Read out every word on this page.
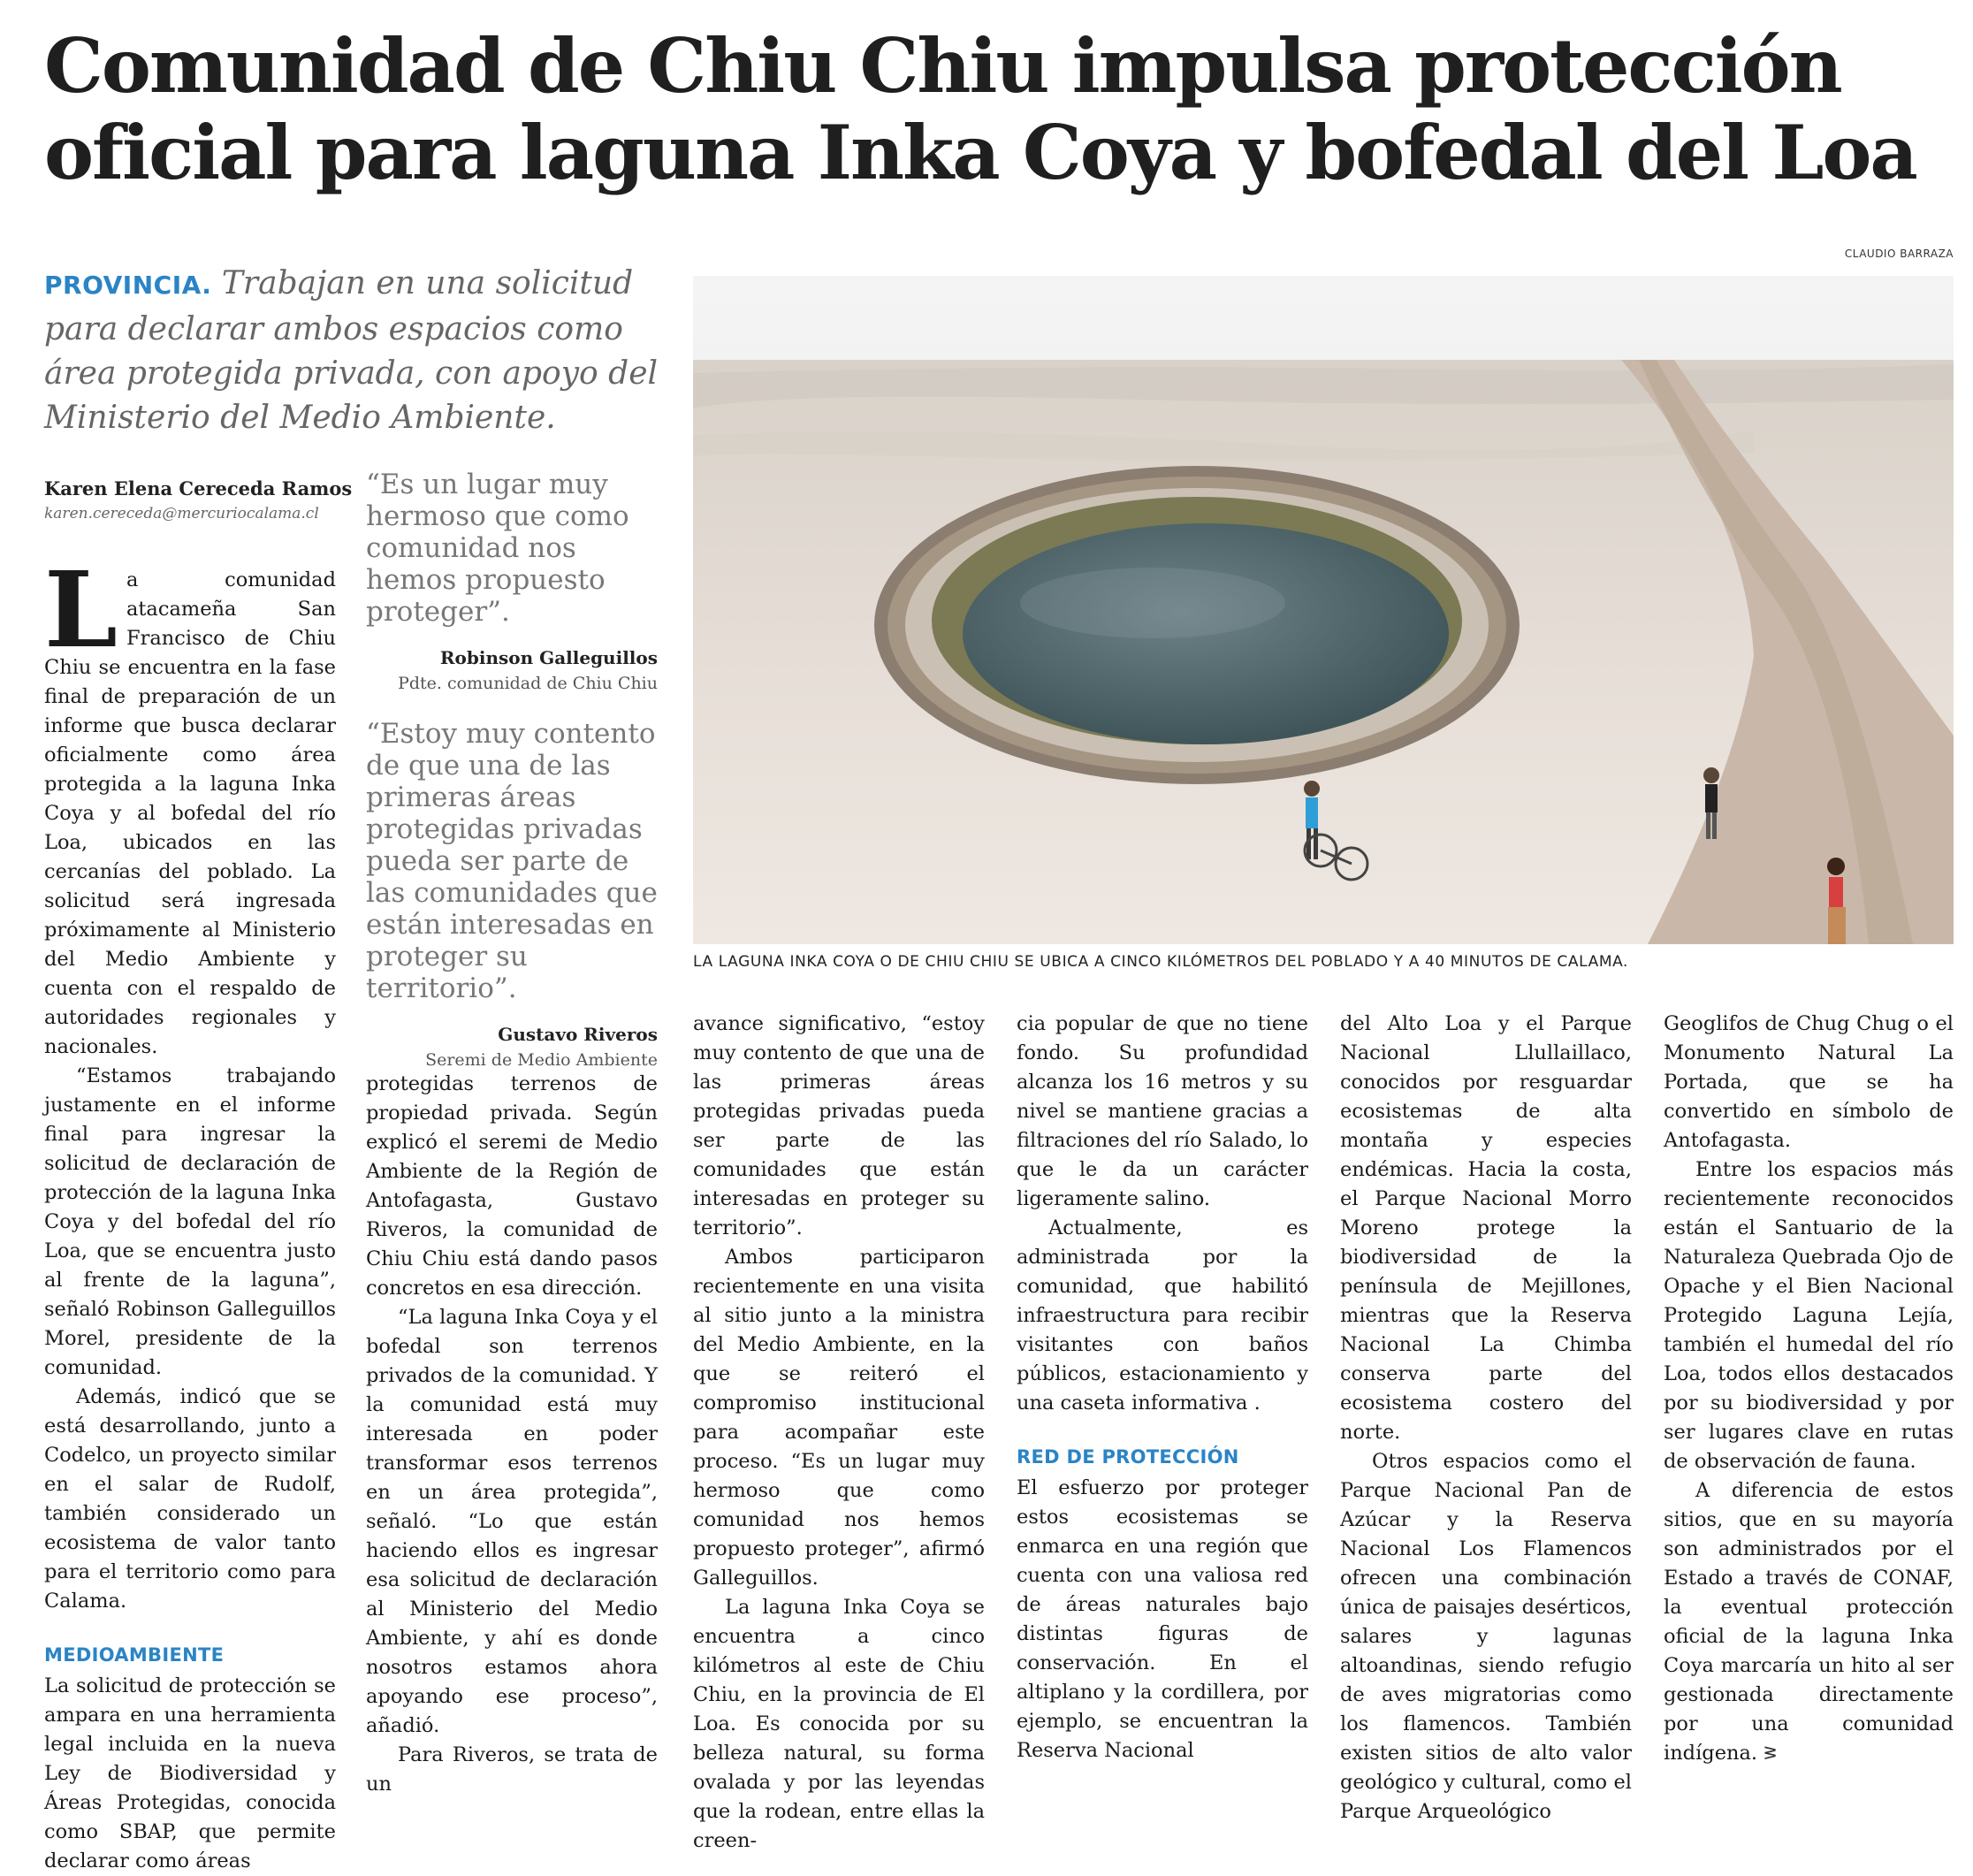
Comunidad de Chiu Chiu impulsa protección oficial para laguna Inka Coya y bofedal del Loa
CLAUDIO BARRAZA
PROVINCIA. Trabajan en una solicitud para declarar ambos espacios como área protegida privada, con apoyo del Ministerio del Medio Ambiente.
Karen Elena Cereceda Ramos
karen.cereceda@mercuriocalama.cl
“Es un lugar muy hermoso que como comunidad nos hemos propuesto proteger”.
Robinson Galleguillos
Pdte. comunidad de Chiu Chiu
“Estoy muy contento de que una de las primeras áreas protegidas privadas pueda ser parte de las comunidades que están interesadas en proteger su territorio”.
Gustavo Riveros
Seremi de Medio Ambiente
LA LAGUNA INKA COYA O DE CHIU CHIU SE UBICA A CINCO KILÓMETROS DEL POBLADO Y A 40 MINUTOS DE CALAMA.
L a comunidad atacameña San Francisco de Chiu Chiu se encuentra en la fase final de preparación de un informe que busca declarar oficialmente como área protegida a la laguna Inka Coya y al bofedal del río Loa, ubicados en las cercanías del poblado. La solicitud será ingresada próximamente al Ministerio del Medio Ambiente y cuenta con el respaldo de autoridades regionales y nacionales.

“Estamos trabajando justamente en el informe final para ingresar la solicitud de declaración de protección de la laguna Inka Coya y del bofedal del río Loa, que se encuentra justo al frente de la laguna”, señaló Robinson Galleguillos Morel, presidente de la comunidad.

Además, indicó que se está desarrollando, junto a Codelco, un proyecto similar en el salar de Rudolf, también considerado un ecosistema de valor tanto para el territorio como para Calama.

MEDIOAMBIENTE

La solicitud de protección se ampara en una herramienta legal incluida en la nueva Ley de Biodiversidad y Áreas Protegidas, conocida como SBAP, que permite declarar como áreas

protegidas terrenos de propiedad privada. Según explicó el seremi de Medio Ambiente de la Región de Antofagasta, Gustavo Riveros, la comunidad de Chiu Chiu está dando pasos concretos en esa dirección.

“La laguna Inka Coya y el bofedal son terrenos privados de la comunidad. Y la comunidad está muy interesada en poder transformar esos terrenos en un área protegida”, señaló. “Lo que están haciendo ellos es ingresar esa solicitud de declaración al Ministerio del Medio Ambiente, y ahí es donde nosotros estamos ahora apoyando ese proceso”, añadió.

Para Riveros, se trata de un

avance significativo, “estoy muy contento de que una de las primeras áreas protegidas privadas pueda ser parte de las comunidades que están interesadas en proteger su territorio”.

Ambos participaron recientemente en una visita al sitio junto a la ministra del Medio Ambiente, en la que se reiteró el compromiso institucional para acompañar este proceso. “Es un lugar muy hermoso que como comunidad nos hemos propuesto proteger”, afirmó Galleguillos.

La laguna Inka Coya se encuentra a cinco kilómetros al este de Chiu Chiu, en la provincia de El Loa. Es conocida por su belleza natural, su forma ovalada y por las leyendas que la rodean, entre ellas la creen-

cia popular de que no tiene fondo. Su profundidad alcanza los 16 metros y su nivel se mantiene gracias a filtraciones del río Salado, lo que le da un carácter ligeramente salino.

Actualmente, es administrada por la comunidad, que habilitó infraestructura para recibir visitantes con baños públicos, estacionamiento y una caseta informativa .

RED DE PROTECCIÓN

El esfuerzo por proteger estos ecosistemas se enmarca en una región que cuenta con una valiosa red de áreas naturales bajo distintas figuras de conservación. En el altiplano y la cordillera, por ejemplo, se encuentran la Reserva Nacional

del Alto Loa y el Parque Nacional Llullaillaco, conocidos por resguardar ecosistemas de alta montaña y especies endémicas. Hacia la costa, el Parque Nacional Morro Moreno protege la biodiversidad de la península de Mejillones, mientras que la Reserva Nacional La Chimba conserva parte del ecosistema costero del norte.

Otros espacios como el Parque Nacional Pan de Azúcar y la Reserva Nacional Los Flamencos ofrecen una combinación única de paisajes desérticos, salares y lagunas altoandinas, siendo refugio de aves migratorias como los flamencos. También existen sitios de alto valor geológico y cultural, como el Parque Arqueológico

Geoglifos de Chug Chug o el Monumento Natural La Portada, que se ha convertido en símbolo de Antofagasta.

Entre los espacios más recientemente reconocidos están el Santuario de la Naturaleza Quebrada Ojo de Opache y el Bien Nacional Protegido Laguna Lejía, también el humedal del río Loa, todos ellos destacados por su biodiversidad y por ser lugares clave en rutas de observación de fauna.

A diferencia de estos sitios, que en su mayoría son administrados por el Estado a través de CONAF, la eventual protección oficial de la laguna Inka Coya marcaría un hito al ser gestionada directamente por una comunidad indígena. ᕒ
